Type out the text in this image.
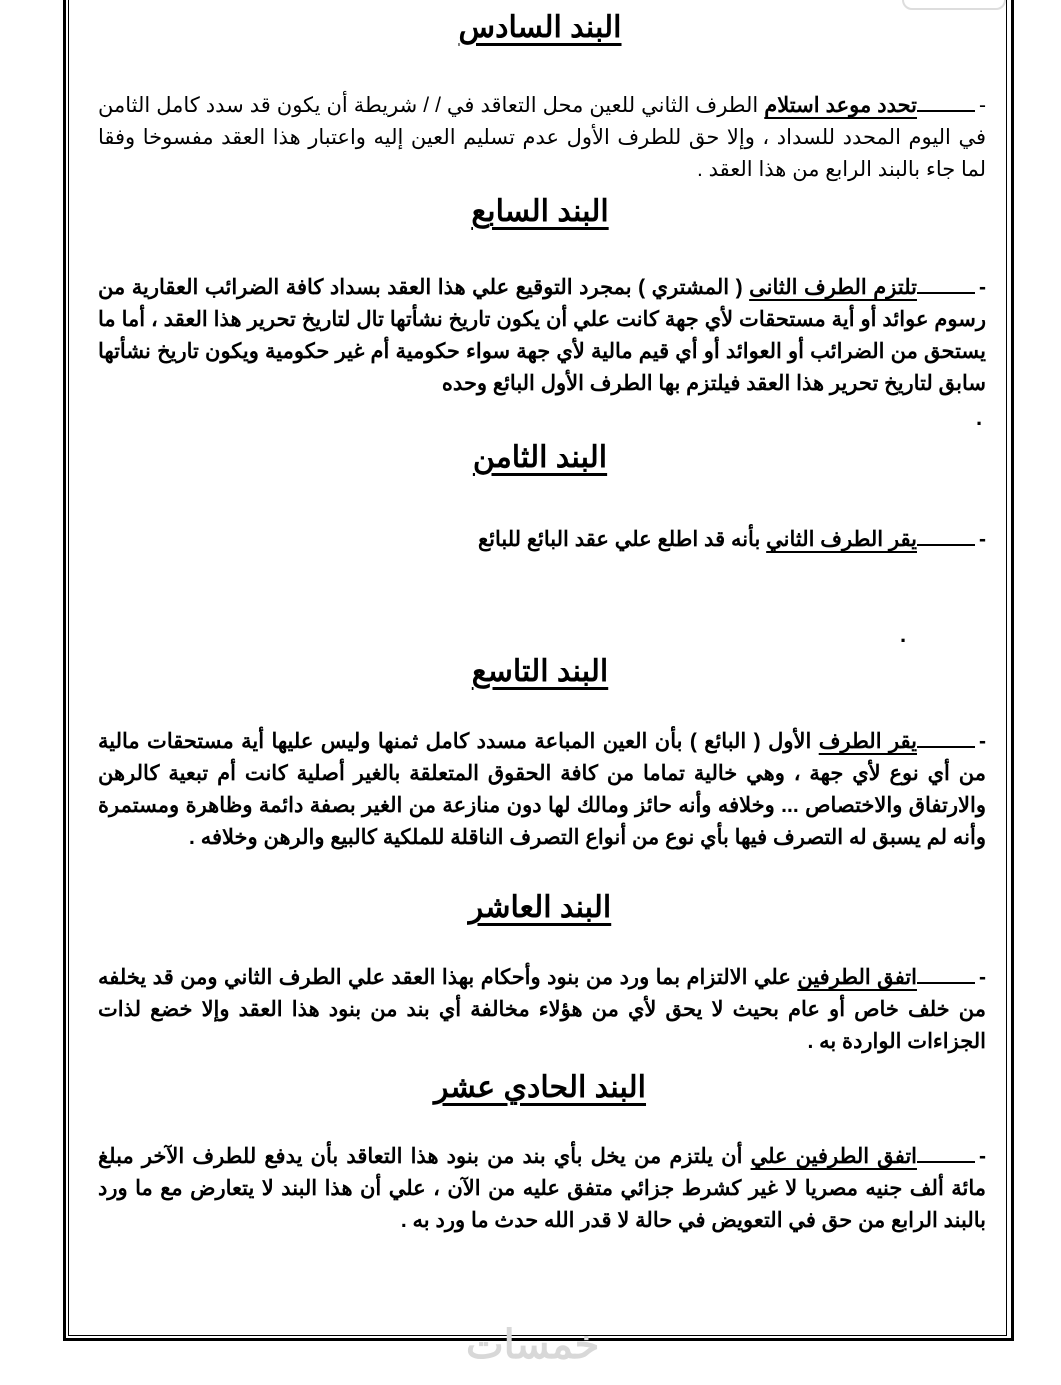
البند السادس
-تحدد موعد استلام الطرف الثاني للعين محل التعاقد في / / شريطة أن يكون قد سدد كامل الثامن في اليوم المحدد للسداد ، وإلا حق للطرف الأول عدم تسليم العين إليه واعتبار هذا العقد مفسوخا وفقا لما جاء بالبند الرابع من هذا العقد .
البند السابع
-تلتزم الطرف الثانى ( المشتري ) بمجرد التوقيع علي هذا العقد بسداد كافة الضرائب العقارية من رسوم عوائد أو أية مستحقات لأي جهة كانت علي أن يكون تاريخ نشأتها تال لتاريخ تحرير هذا العقد ، أما ما يستحق من الضرائب أو العوائد أو أي قيم مالية لأي جهة سواء حكومية أم غير حكومية ويكون تاريخ نشأتها سابق لتاريخ تحرير هذا العقد فيلتزم بها الطرف الأول البائع وحده
.
البند الثامن
-يقر الطرف الثاني بأنه قد اطلع علي عقد البائع للبائع
.
البند التاسع
-يقر الطرف الأول ( البائع ) بأن العين المباعة مسدد كامل ثمنها وليس عليها أية مستحقات مالية من أي نوع لأي جهة ، وهي خالية تماما من كافة الحقوق المتعلقة بالغير أصلية كانت أم تبعية كالرهن والارتفاق والاختصاص ... وخلافه وأنه حائز ومالك لها دون منازعة من الغير بصفة دائمة وظاهرة ومستمرة وأنه لم يسبق له التصرف فيها بأي نوع من أنواع التصرف الناقلة للملكية كالبيع والرهن وخلافه .
البند العاشر
-اتفق الطرفين علي الالتزام بما ورد من بنود وأحكام بهذا العقد علي الطرف الثاني ومن قد يخلفه من خلف خاص أو عام بحيث لا يحق لأي من هؤلاء مخالفة أي بند من بنود هذا العقد وإلا خضع لذات الجزاءات الواردة به .
البند الحادي عشر
-اتفق الطرفين علي أن يلتزم من يخل بأي بند من بنود هذا التعاقد بأن يدفع للطرف الآخر مبلغ مائة ألف جنيه مصريا لا غير كشرط جزائي متفق عليه من الآن ، علي أن هذا البند لا يتعارض مع ما ورد بالبند الرابع من حق في التعويض في حالة لا قدر الله حدث ما ورد به .
خمسات
